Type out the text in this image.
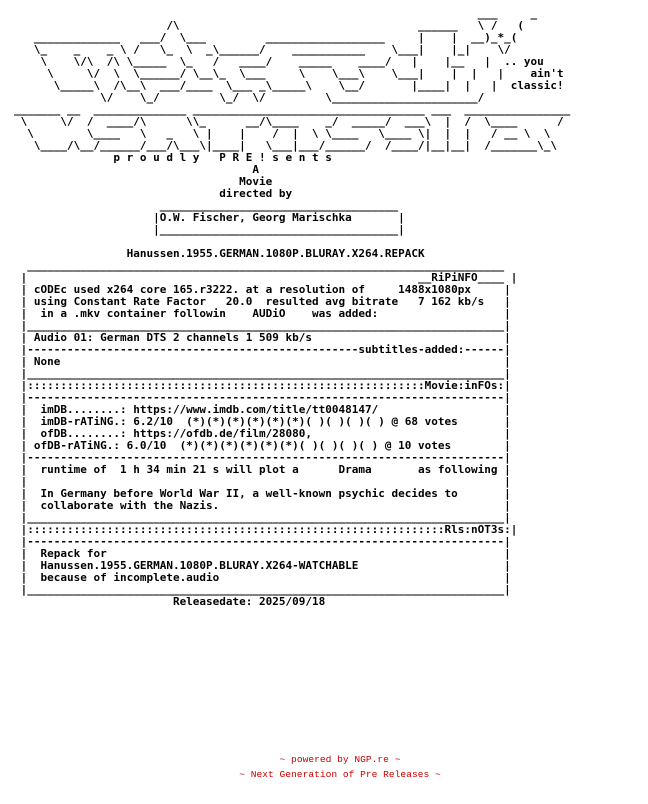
___     _
/\                                    ______   \ /   (
_____________   ___/  \___         __________________     |    |  __)_*_(
\_    _    _ \ /   \_  \  _\______/    ___________    \___|    |_|    \/
\    \/\  /\ \_____  \_   /   ____/    _____    ____/   |    |__   |  .. you
\     \/  \  \______/ \__\_  \___     \    \___\    \___|    |  |   |    ain't
\_____\  /\__\  ___/____  \___ _\_____\    \__/       |____|  |   |  classic!
\/    \_/         \_/  \/         \______________________/
_______ __  ______________ ___________________________________ ___  ________________
\     \/  /  ____/\      \\_      __/\____    _/  _____/  ___\  |  /  \____      /
\        \____   \   _   \ |    |    /  |  \ \____   \____ \|  |  |   / __ \  \
\____/\__/______/___/\___\|____|   \___|___/______/  /____/|__|__|  /_______\_\
p r o u d l y   P R E ! s e n t s
A
Movie
directed by
____________________________________
|O.W. Fischer, Georg Marischka       |
|____________________________________|

Hanussen.1955.GERMAN.1080P.BLURAY.X264.REPACK
________________________________________________________________________
|                                                           __RiPiNFO____ |
| cODEc used x264 core 165.r3222. at a resolution of     1488x1080px     |
| using Constant Rate Factor   20.0  resulted avg bitrate   7 162 kb/s   |
|  in a .mkv container followin    AUDiO    was added:                   |
|________________________________________________________________________|
| Audio 01: German DTS 2 channels 1 509 kb/s                             |
|--------------------------------------------------subtitles-added:------|
| None                                                                   |
|________________________________________________________________________|
|::::::::::::::::::::::::::::::::::::::::::::::::::::::::::::Movie:inFOs:|
|------------------------------------------------------------------------|
|  imDB........: https://www.imdb.com/title/tt0048147/                   |
|  imDB-rATiNG.: 6.2/10  (*)(*)(*)(*)(*)(*)( )( )( )( ) @ 68 votes       |
|  ofDB........: https://ofdb.de/film/28080,                             |
| ofDB-rATiNG.: 6.0/10  (*)(*)(*)(*)(*)(*)( )( )( )( ) @ 10 votes        |
|------------------------------------------------------------------------|
|  runtime of  1 h 34 min 21 s will plot a      Drama       as following |
|                                                                        |
|  In Germany before World War II, a well-known psychic decides to       |
|  collaborate with the Nazis.                                           |
|________________________________________________________________________|
|:::::::::::::::::::::::::::::::::::::::::::::::::::::::::::::::Rls:nOT3s:|
|------------------------------------------------------------------------|
|  Repack for                                                            |
|  Hanussen.1955.GERMAN.1080P.BLURAY.X264-WATCHABLE                      |
|  because of incomplete.audio                                           |
|________________________________________________________________________|
Releasedate: 2025/09/18
~ powered by NGP.re ~
~ Next Generation of Pre Releases ~
